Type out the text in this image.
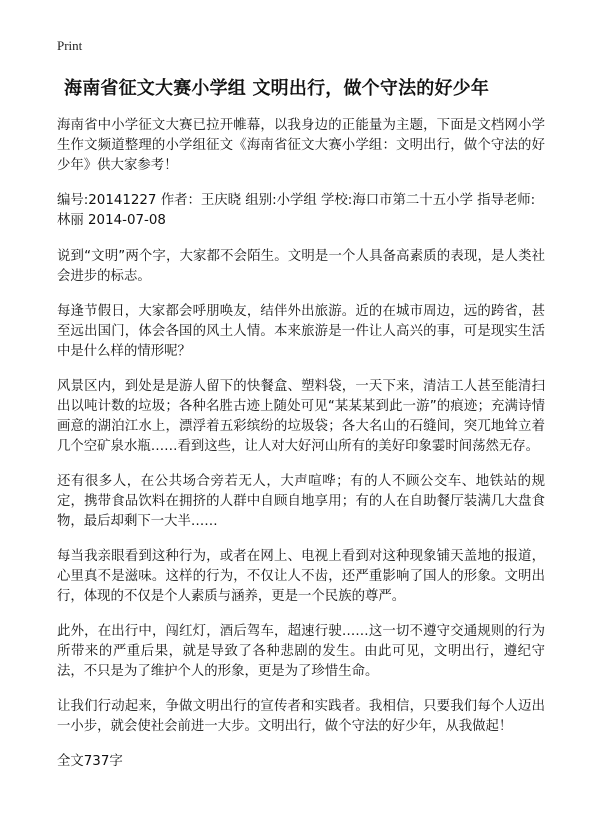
Print
海南省征文大赛小学组 文明出行，做个守法的好少年

海南省中小学征文大赛已拉开帷幕，以我身边的正能量为主题，下面是文档网小学生作文频道整理的小学组征文《海南省征文大赛小学组：文明出行，做个守法的好少年》供大家参考！

编号:20141227 作者：王庆晓 组别:小学组 学校:海口市第二十五小学 指导老师:林丽 2014-07-08

说到“文明”两个字，大家都不会陌生。文明是一个人具备高素质的表现，是人类社会进步的标志。

每逢节假日，大家都会呼朋唤友，结伴外出旅游。近的在城市周边，远的跨省，甚至远出国门，体会各国的风土人情。本来旅游是一件让人高兴的事，可是现实生活中是什么样的情形呢？

风景区内，到处是是游人留下的快餐盒、塑料袋，一天下来，清洁工人甚至能清扫出以吨计数的垃圾；各种名胜古迹上随处可见“某某某到此一游”的痕迹；充满诗情画意的湖泊江水上，漂浮着五彩缤纷的垃圾袋；各大名山的石缝间，突兀地耸立着几个空矿泉水瓶……看到这些，让人对大好河山所有的美好印象霎时间荡然无存。

还有很多人，在公共场合旁若无人，大声喧哗；有的人不顾公交车、地铁站的规定，携带食品饮料在拥挤的人群中自顾自地享用；有的人在自助餐厅装满几大盘食物，最后却剩下一大半……

每当我亲眼看到这种行为，或者在网上、电视上看到对这种现象铺天盖地的报道，心里真不是滋味。这样的行为，不仅让人不齿，还严重影响了国人的形象。文明出行，体现的不仅是个人素质与涵养，更是一个民族的尊严。

此外，在出行中，闯红灯，酒后驾车，超速行驶……这一切不遵守交通规则的行为所带来的严重后果，就是导致了各种悲剧的发生。由此可见，文明出行，遵纪守法，不只是为了维护个人的形象，更是为了珍惜生命。

让我们行动起来，争做文明出行的宣传者和实践者。我相信，只要我们每个人迈出一小步，就会使社会前进一大步。文明出行，做个守法的好少年，从我做起！

全文737字
